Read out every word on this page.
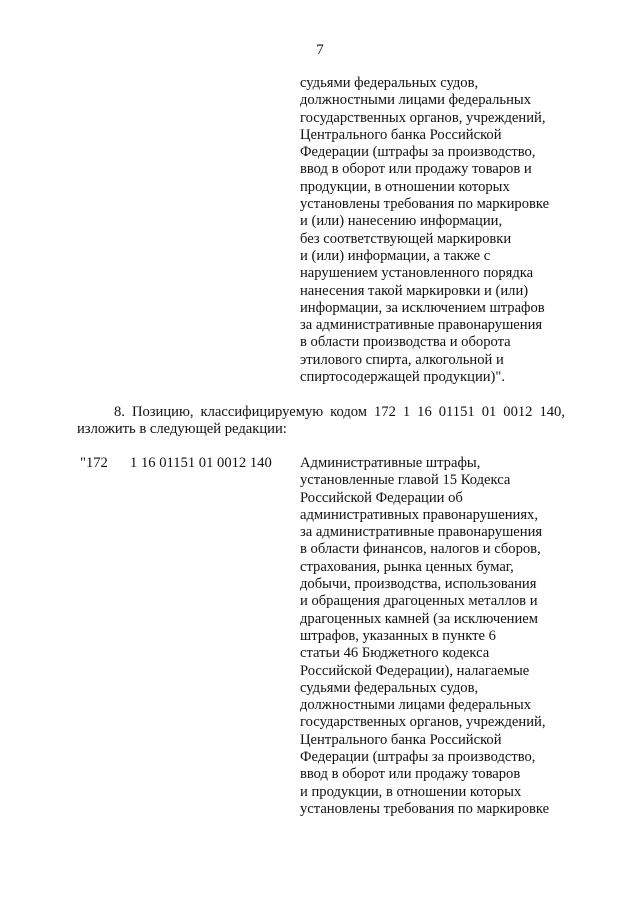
7
судьями федеральных судов,
должностными лицами федеральных
государственных органов, учреждений,
Центрального банка Российской
Федерации (штрафы за производство,
ввод в оборот или продажу товаров и
продукции, в отношении которых
установлены требования по маркировке
и (или) нанесению информации,
без соответствующей маркировки
и (или) информации, а также с
нарушением установленного порядка
нанесения такой маркировки и (или)
информации, за исключением штрафов
за административные правонарушения
в области производства и оборота
этилового спирта, алкогольной и
спиртосодержащей продукции)".
8. Позицию, классифицируемую кодом 172 1 16 01151 01 0012 140,
изложить в следующей редакции:
"172 1 16 01151 01 0012 140 Административные штрафы,
установленные главой 15 Кодекса
Российской Федерации об
административных правонарушениях,
за административные правонарушения
в области финансов, налогов и сборов,
страхования, рынка ценных бумаг,
добычи, производства, использования
и обращения драгоценных металлов и
драгоценных камней (за исключением
штрафов, указанных в пункте 6
статьи 46 Бюджетного кодекса
Российской Федерации), налагаемые
судьями федеральных судов,
должностными лицами федеральных
государственных органов, учреждений,
Центрального банка Российской
Федерации (штрафы за производство,
ввод в оборот или продажу товаров
и продукции, в отношении которых
установлены требования по маркировке
